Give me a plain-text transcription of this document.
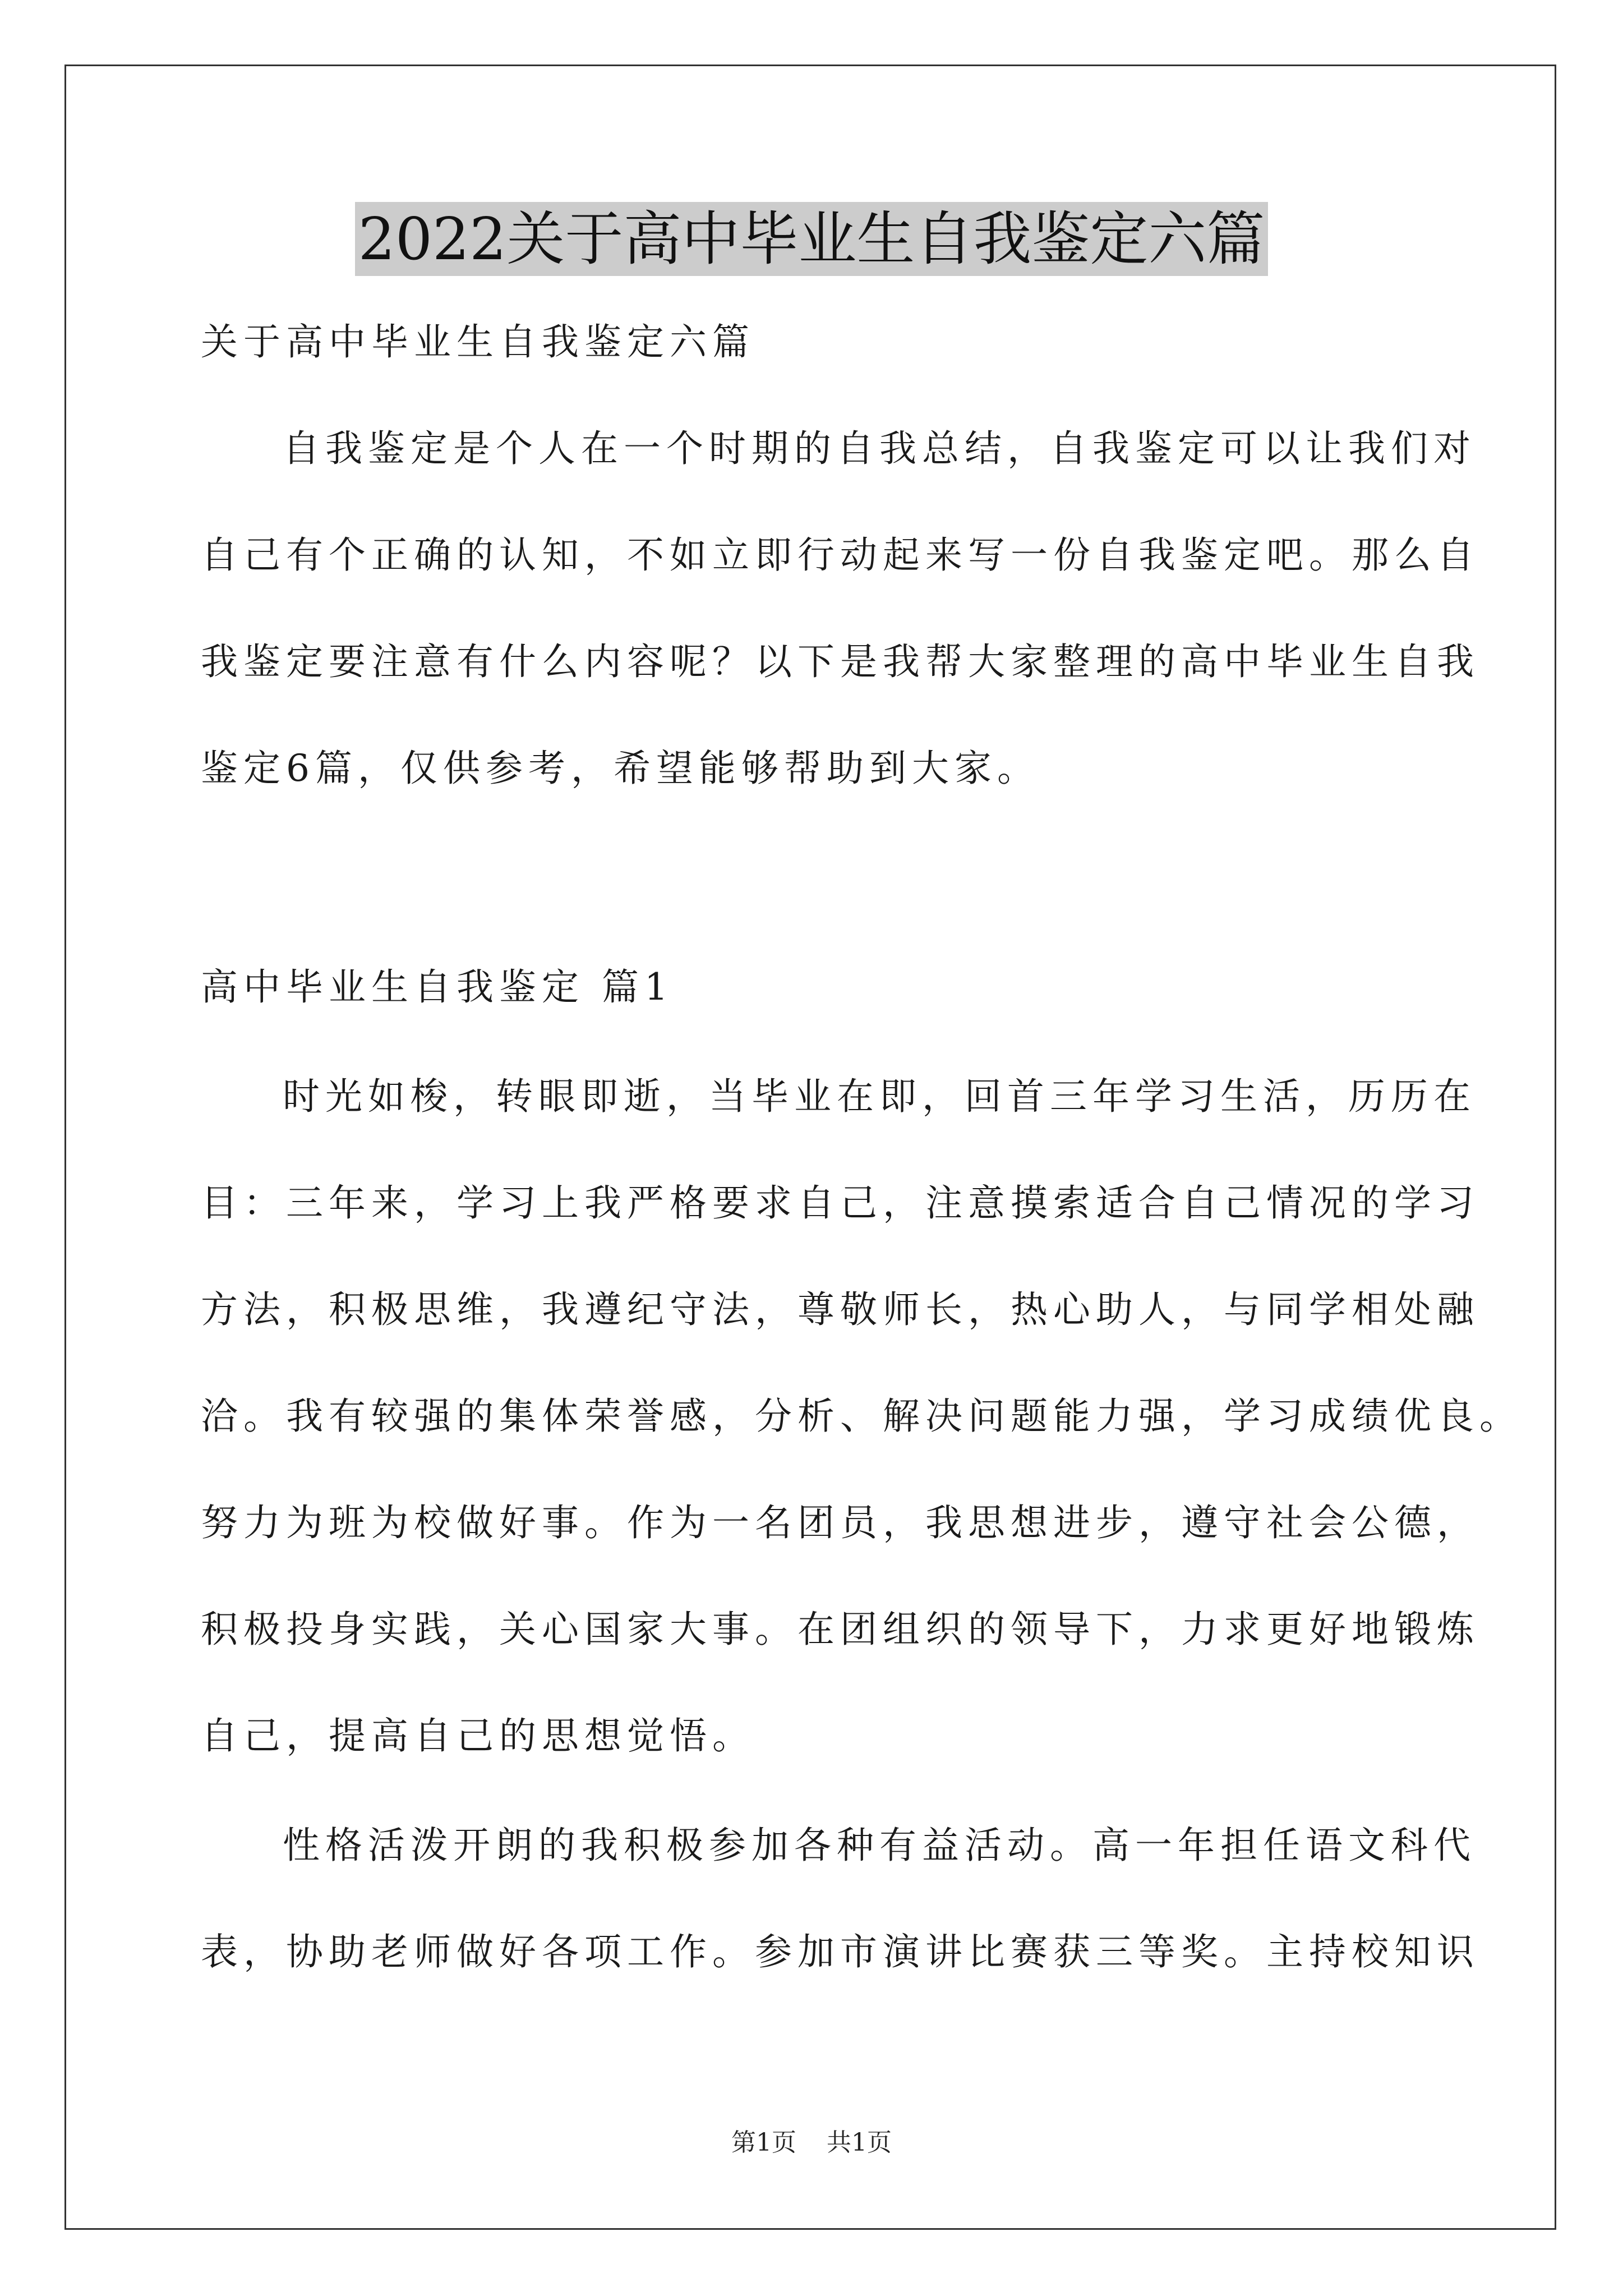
2022关于高中毕业生自我鉴定六篇
关于高中毕业生自我鉴定六篇
自我鉴定是个人在一个时期的自我总结，自我鉴定可以让我们对
自己有个正确的认知，不如立即行动起来写一份自我鉴定吧。那么自
我鉴定要注意有什么内容呢？以下是我帮大家整理的高中毕业生自我
鉴定6篇，仅供参考，希望能够帮助到大家。
高中毕业生自我鉴定 篇1
时光如梭，转眼即逝，当毕业在即，回首三年学习生活，历历在
目：三年来，学习上我严格要求自己，注意摸索适合自己情况的学习
方法，积极思维，我遵纪守法，尊敬师长，热心助人，与同学相处融
洽。我有较强的集体荣誉感，分析、解决问题能力强，学习成绩优良。
努力为班为校做好事。作为一名团员，我思想进步，遵守社会公德，
积极投身实践，关心国家大事。在团组织的领导下，力求更好地锻炼
自己，提高自己的思想觉悟。
性格活泼开朗的我积极参加各种有益活动。高一年担任语文科代
表，协助老师做好各项工作。参加市演讲比赛获三等奖。主持校知识
第1页 共1页
